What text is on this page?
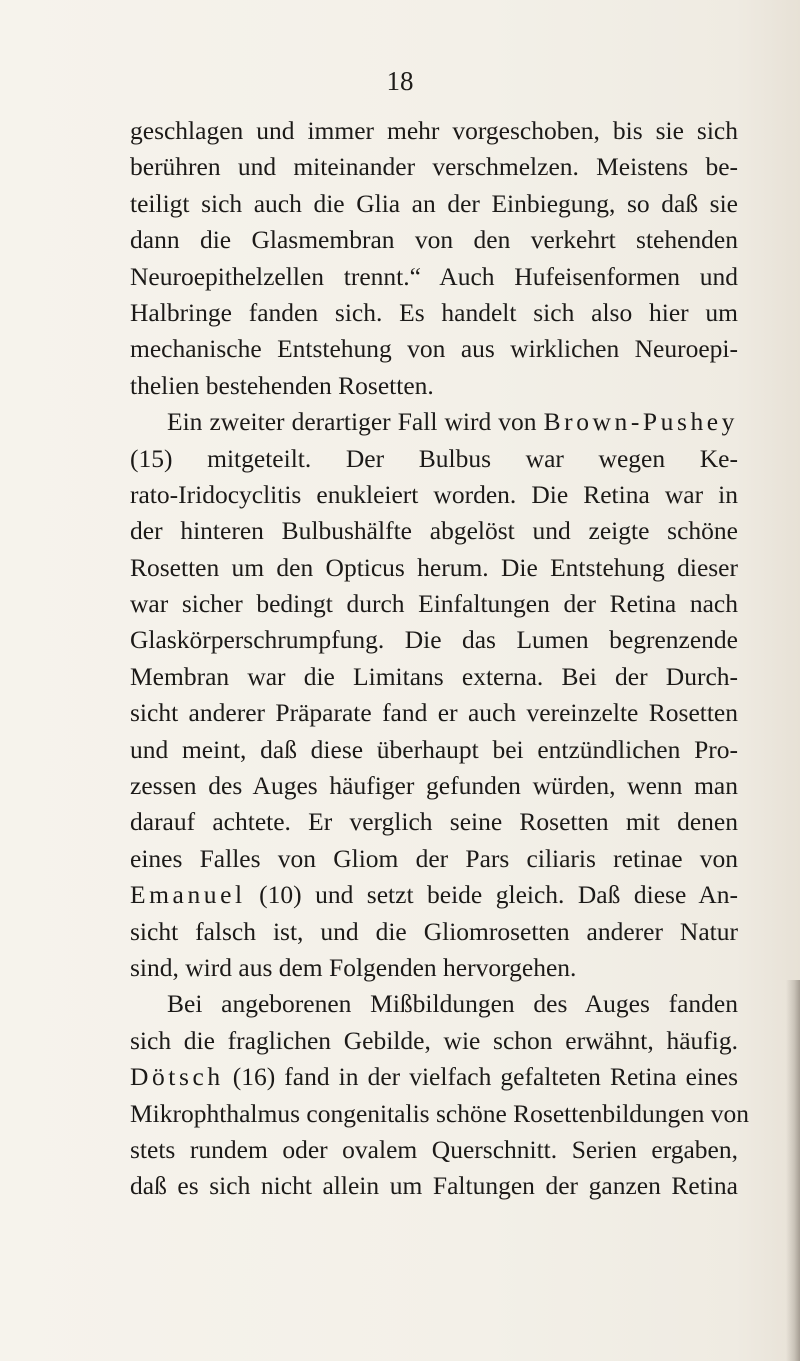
18

geschlagen und immer mehr vorgeschoben, bis sie sich
berühren und miteinander verschmelzen. Meistens be-
teiligt sich auch die Glia an der Einbiegung, so daß sie
dann die Glasmembran von den verkehrt stehenden
Neuroepithelzellen trennt.“ Auch Hufeisenformen und
Halbringe fanden sich. Es handelt sich also hier um
mechanische Entstehung von aus wirklichen Neuroepi-
thelien bestehenden Rosetten.
Ein zweiter derartiger Fall wird von Brown-Pushey
(15) mitgeteilt. Der Bulbus war wegen Ke-
rato-Iridocyclitis enukleiert worden. Die Retina war in
der hinteren Bulbushälfte abgelöst und zeigte schöne
Rosetten um den Opticus herum. Die Entstehung dieser
war sicher bedingt durch Einfaltungen der Retina nach
Glaskörperschrumpfung. Die das Lumen begrenzende
Membran war die Limitans externa. Bei der Durch-
sicht anderer Präparate fand er auch vereinzelte Rosetten
und meint, daß diese überhaupt bei entzündlichen Pro-
zessen des Auges häufiger gefunden würden, wenn man
darauf achtete. Er verglich seine Rosetten mit denen
eines Falles von Gliom der Pars ciliaris retinae von
Emanuel (10) und setzt beide gleich. Daß diese An-
sicht falsch ist, und die Gliomrosetten anderer Natur
sind, wird aus dem Folgenden hervorgehen.
Bei angeborenen Mißbildungen des Auges fanden
sich die fraglichen Gebilde, wie schon erwähnt, häufig.
Dötsch (16) fand in der vielfach gefalteten Retina eines
Mikrophthalmus congenitalis schöne Rosettenbildungen von
stets rundem oder ovalem Querschnitt. Serien ergaben,
daß es sich nicht allein um Faltungen der ganzen Retina
